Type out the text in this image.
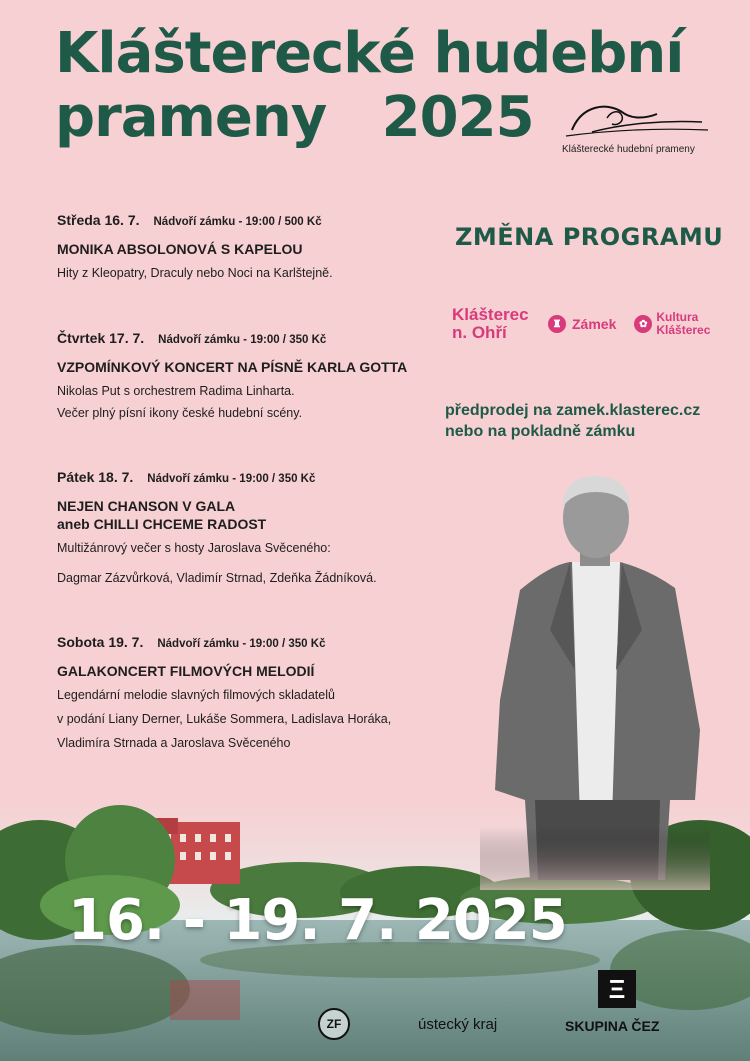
Klášterecké hudební
prameny   2025	Klášterecké hudební prameny
Středa 16. 7. Nádvoří zámku - 19:00 / 500 Kč
MONIKA ABSOLONOVÁ S KAPELOU
Hity z Kleopatry, Draculy nebo Noci na Karlštejně.
Čtvrtek 17. 7. Nádvoří zámku - 19:00 / 350 Kč
VZPOMÍNKOVÝ KONCERT NA PÍSNĚ KARLA GOTTA
Nikolas Put s orchestrem Radima Linharta.
Večer plný písní ikony české hudební scény.
Pátek 18. 7. Nádvoří zámku - 19:00 / 350 Kč
NEJEN CHANSON V GALA
aneb CHILLI CHCEME RADOST
Multižánrový večer s hosty Jaroslava Svěceného:
Dagmar Zázvůrková, Vladimír Strnad, Zdeňka Žádníková.
Sobota 19. 7. Nádvoří zámku - 19:00 / 350 Kč
GALAKONCERT FILMOVÝCH MELODIÍ
Legendární melodie slavných filmových skladatelů
v podání Liany Derner, Lukáše Sommera, Ladislava Horáka,
Vladimíra Strnada a Jaroslava Svěceného
ZMĚNA PROGRAMU
Klášterec
n. Ohří	♜ Zámek	✿ Kultura
Klášterec
předprodej na zamek.klasterec.cz
nebo na pokladně zámku
16. - 19. 7. 2025
ZF	ústecký kraj
Ξ
SKUPINA ČEZ
